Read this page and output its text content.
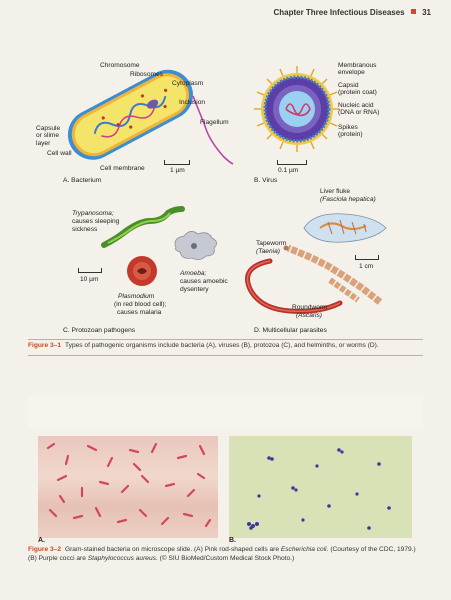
Chapter Three Infectious Diseases 31
Chromosome
Ribosomes
Cytoplasm
Inclusion
Flagellum
Capsule
or slime
layer
Cell wall
Cell membrane	1 µm
A. Bacterium
Membranous
envelope
Capsid
(protein coat)
Nucleic acid
(DNA or RNA)
Spikes
(protein)
0.1 µm
B. Virus
Trypanosoma;
causes sleeping
sickness
Amoeba;
causes amoebic
dysentery
10 µm
Plasmodium
(in red blood cell);
causes malaria
C. Protozoan pathogens
Liver fluke
(Fasciola hepatica)
Tapeworm
(Taenia)
1 cm
Roundworm
(Ascaris)
D. Multicellular parasites
Figure 3–1 Types of pathogenic organisms include bacteria (A), viruses (B), protozoa (C), and helminths, or worms (D).
A.	B.
Figure 3–2 Gram-stained bacteria on microscope slide. (A) Pink rod-shaped cells are Escherichia coli. (Courtesy of the CDC, 1979.) (B) Purple cocci are Staphylococcus aureus. (© SIU BioMed/Custom Medical Stock Photo.)
